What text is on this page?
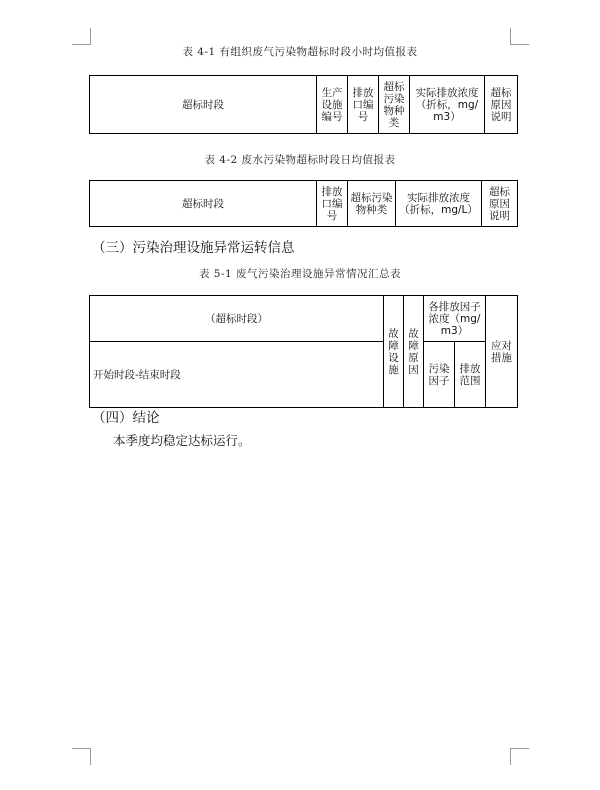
表 4-1 有组织废气污染物超标时段小时均值报表
超标时段	生产设施编号	排放口编号	超标污染物种类	实际排放浓度（折标，mg/m3）	超标原因说明
表 4-2 废水污染物超标时段日均值报表
超标时段	排放口编号	超标污染物种类	实际排放浓度（折标，mg/L）	超标原因说明
（三）污染治理设施异常运转信息
表 5-1 废气污染治理设施异常情况汇总表
（超标时段）	故障设施	故障原因	各排放因子浓度（mg/m3）		应对措施
开始时段-结束时段			污染因子	排放范围	
（四）结论
本季度均稳定达标运行。
